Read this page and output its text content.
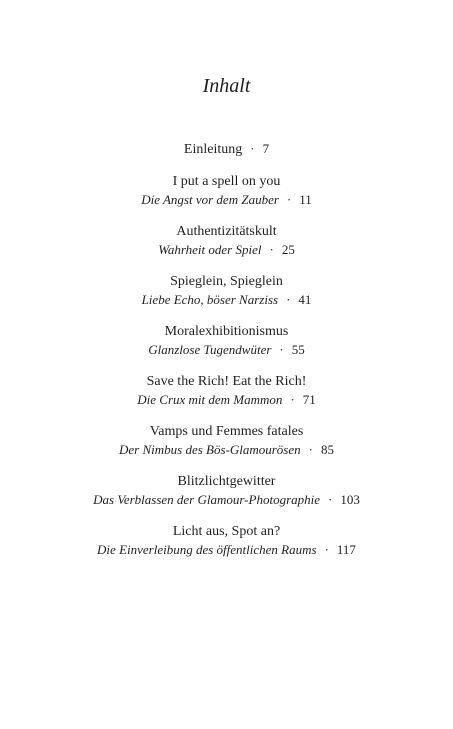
Inhalt
Einleitung · 7
I put a spell on you
Die Angst vor dem Zauber · 11
Authentizitätskult
Wahrheit oder Spiel · 25
Spieglein, Spieglein
Liebe Echo, böser Narziss · 41
Moralexhibitionismus
Glanzlose Tugendwüter · 55
Save the Rich! Eat the Rich!
Die Crux mit dem Mammon · 71
Vamps und Femmes fatales
Der Nimbus des Bös-Glamourösen · 85
Blitzlichtgewitter
Das Verblassen der Glamour-Photographie · 103
Licht aus, Spot an?
Die Einverleibung des öffentlichen Raums · 117
